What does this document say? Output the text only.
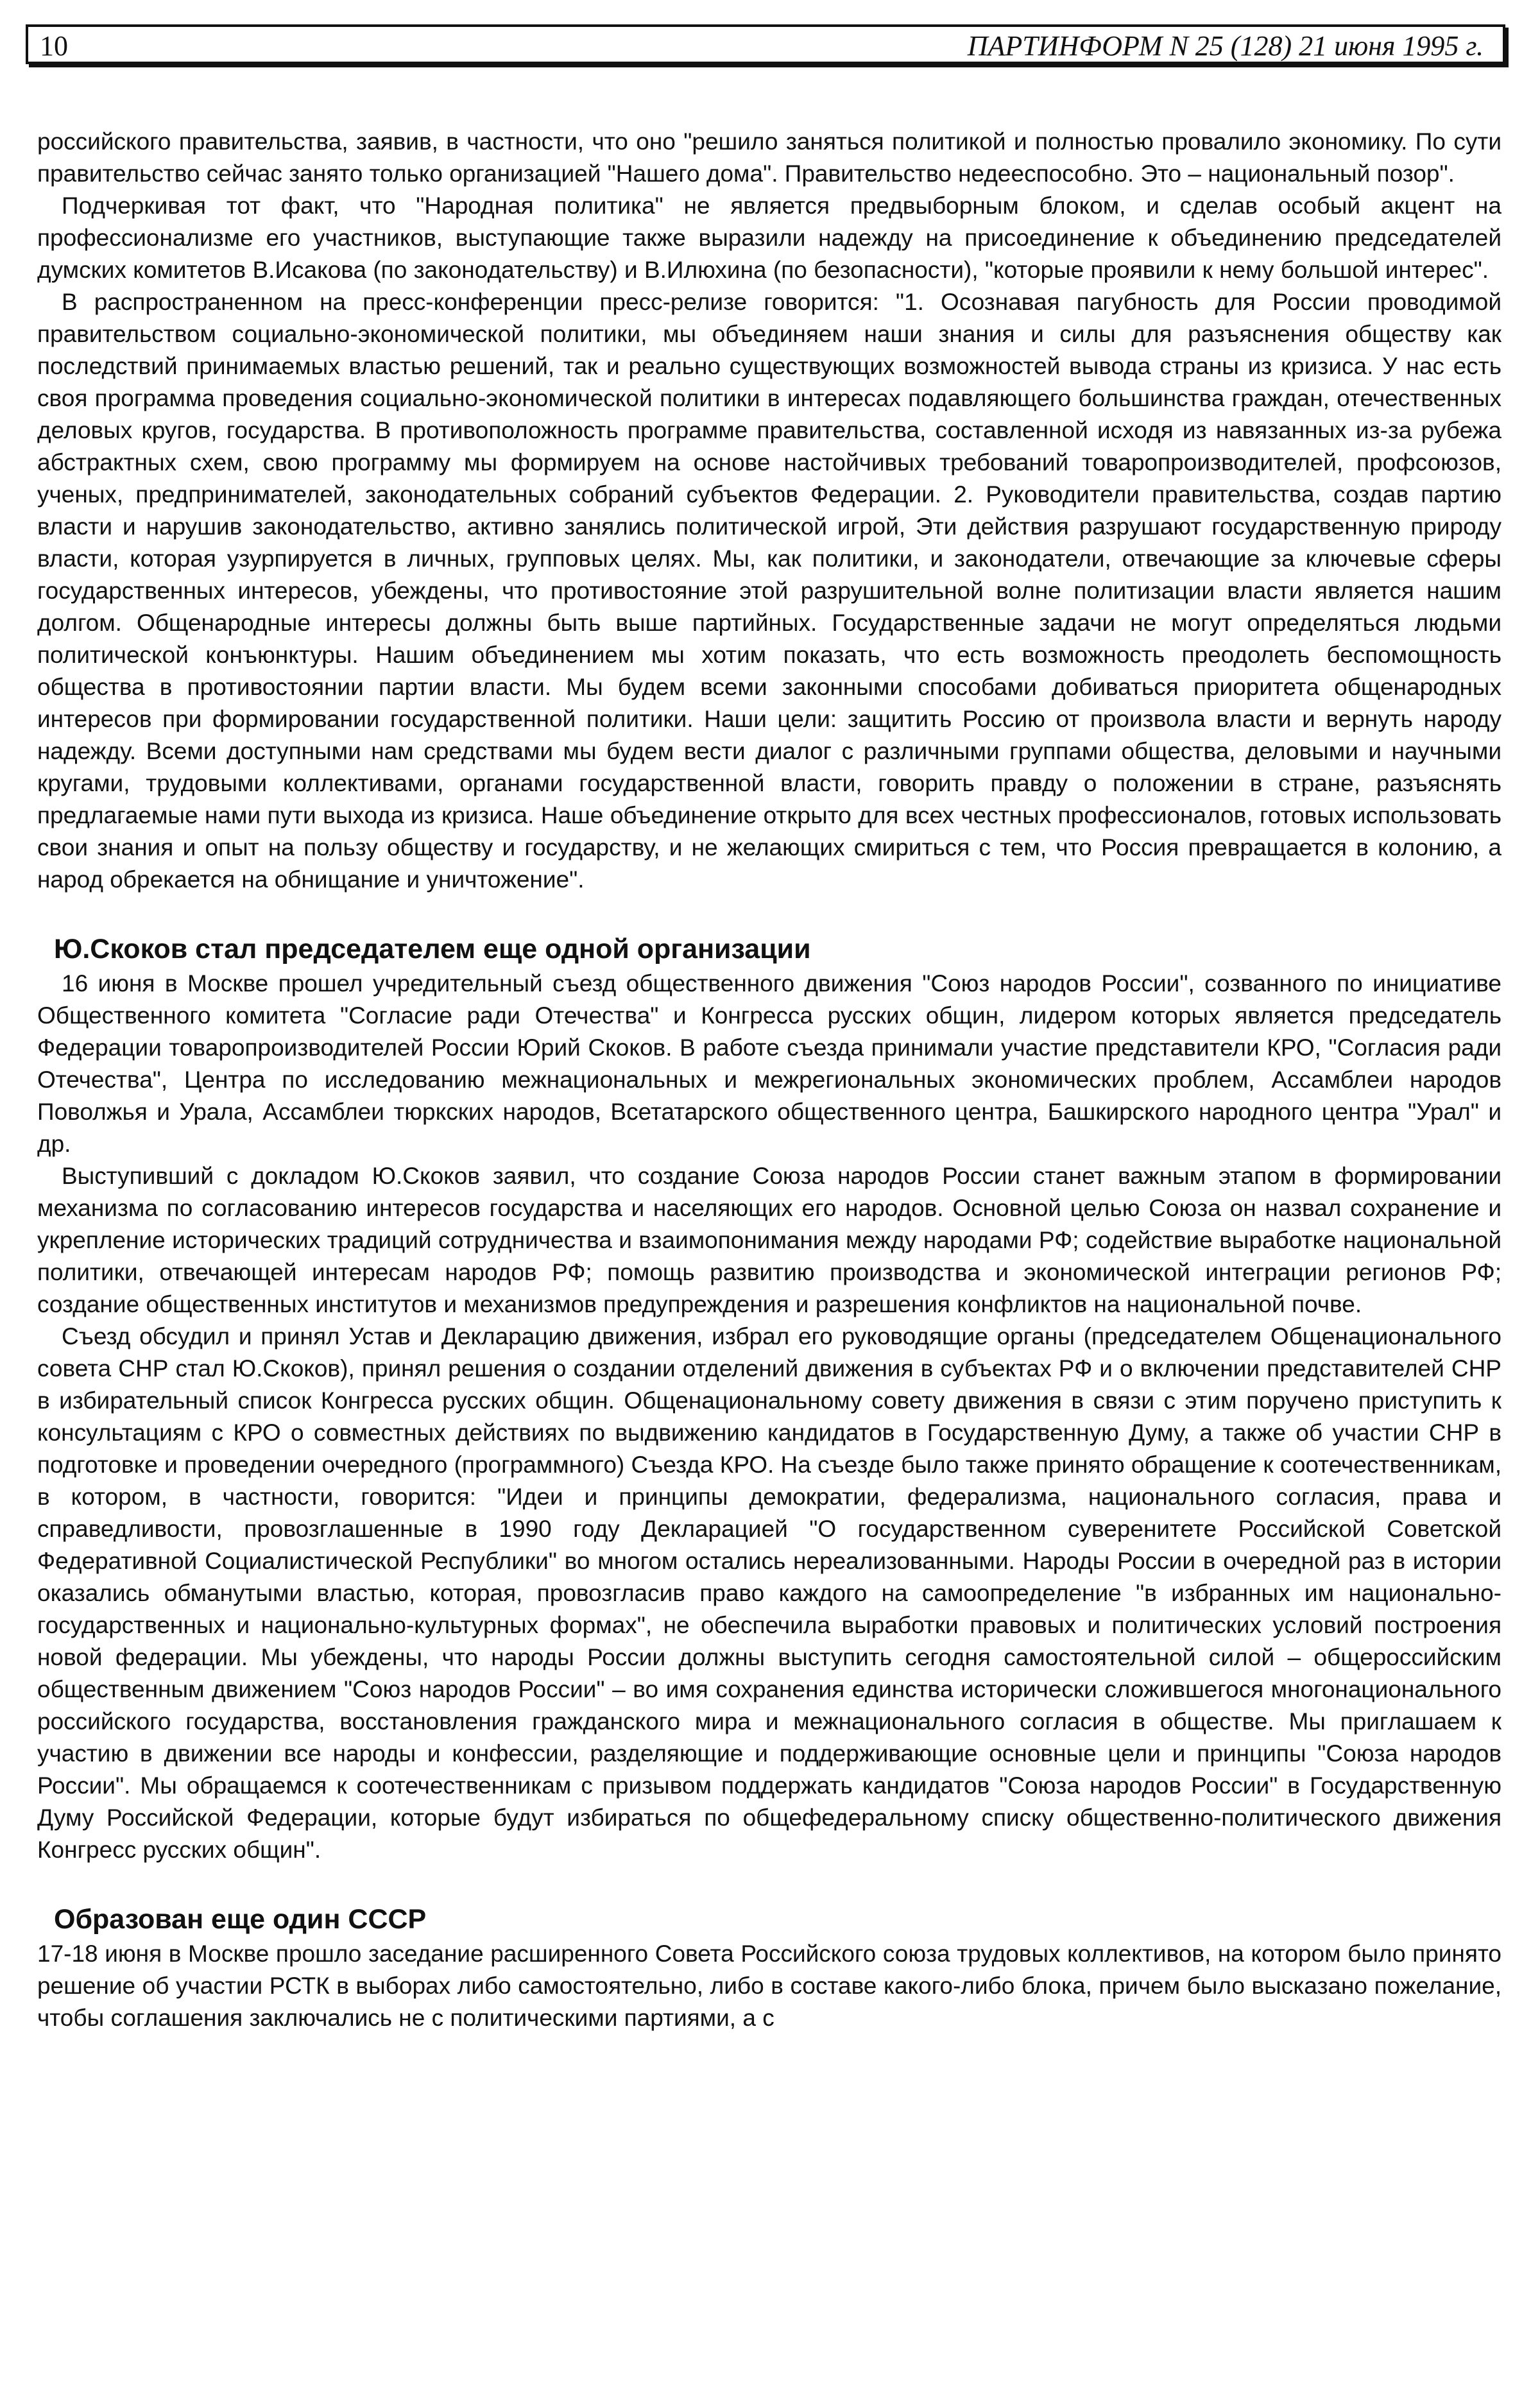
10	ПАРТИНФОРМ N 25 (128) 21 июня 1995 г.

российского правительства, заявив, в частности, что оно "решило заняться политикой и полностью провалило экономику. По сути правительство сейчас занято только организацией "Нашего дома". Правительство недееспособно. Это – национальный позор".

Подчеркивая тот факт, что "Народная политика" не является предвыборным блоком, и сделав особый акцент на профессионализме его участников, выступающие также выразили надежду на присоединение к объединению председателей думских комитетов В.Исакова (по законодательству) и В.Илюхина (по безопасности), "которые проявили к нему большой интерес".

В распространенном на пресс-конференции пресс-релизе говорится: "1. Осознавая пагубность для России проводимой правительством социально-экономической политики, мы объединяем наши знания и силы для разъяснения обществу как последствий принимаемых властью решений, так и реально существующих возможностей вывода страны из кризиса. У нас есть своя программа проведения социально-экономической политики в интересах подавляющего большинства граждан, отечественных деловых кругов, государства. В противоположность программе правительства, составленной исходя из навязанных из-за рубежа абстрактных схем, свою программу мы формируем на основе настойчивых требований товаропроизводителей, профсоюзов, ученых, предпринимателей, законодательных собраний субъектов Федерации. 2. Руководители правительства, создав партию власти и нарушив законодательство, активно занялись политической игрой, Эти действия разрушают государственную природу власти, которая узурпируется в личных, групповых целях. Мы, как политики, и законодатели, отвечающие за ключевые сферы государственных интересов, убеждены, что противостояние этой разрушительной волне политизации власти является нашим долгом. Общенародные интересы должны быть выше партийных. Государственные задачи не могут определяться людьми политической конъюнктуры. Нашим объединением мы хотим показать, что есть возможность преодолеть беспомощность общества в противостоянии партии власти. Мы будем всеми законными способами добиваться приоритета общенародных интересов при формировании государственной политики. Наши цели: защитить Россию от произвола власти и вернуть народу надежду. Всеми доступными нам средствами мы будем вести диалог с различными группами общества, деловыми и научными кругами, трудовыми коллективами, органами государственной власти, говорить правду о положении в стране, разъяснять предлагаемые нами пути выхода из кризиса. Наше объединение открыто для всех честных профессионалов, готовых использовать свои знания и опыт на пользу обществу и государству, и не желающих смириться с тем, что Россия превращается в колонию, а народ обрекается на обнищание и уничтожение".

Ю.Скоков стал председателем еще одной организации

16 июня в Москве прошел учредительный съезд общественного движения "Союз народов России", созванного по инициативе Общественного комитета "Согласие ради Отечества" и Конгресса русских общин, лидером которых является председатель Федерации товаропроизводителей России Юрий Скоков. В работе съезда принимали участие представители КРО, "Согласия ради Отечества", Центра по исследованию межнациональных и межрегиональных экономических проблем, Ассамблеи народов Поволжья и Урала, Ассамблеи тюркских народов, Всетатарского общественного центра, Башкирского народного центра "Урал" и др.

Выступивший с докладом Ю.Скоков заявил, что создание Союза народов России станет важным этапом в формировании механизма по согласованию интересов государства и населяющих его народов. Основной целью Союза он назвал сохранение и укрепление исторических традиций сотрудничества и взаимопонимания между народами РФ; содействие выработке национальной политики, отвечающей интересам народов РФ; помощь развитию производства и экономической интеграции регионов РФ; создание общественных институтов и механизмов предупреждения и разрешения конфликтов на национальной почве.

Съезд обсудил и принял Устав и Декларацию движения, избрал его руководящие органы (председателем Общенационального совета СНР стал Ю.Скоков), принял решения о создании отделений движения в субъектах РФ и о включении представителей СНР в избирательный список Конгресса русских общин. Общенациональному совету движения в связи с этим поручено приступить к консультациям с КРО о совместных действиях по выдвижению кандидатов в Государственную Думу, а также об участии СНР в подготовке и проведении очередного (программного) Съезда КРО. На съезде было также принято обращение к соотечественникам, в котором, в частности, говорится: "Идеи и принципы демократии, федерализма, национального согласия, права и справедливости, провозглашенные в 1990 году Декларацией "О государственном суверенитете Российской Советской Федеративной Социалистической Республики" во многом остались нереализованными. Народы России в очередной раз в истории оказались обманутыми властью, которая, провозгласив право каждого на самоопределение "в избранных им национально-государственных и национально-культурных формах", не обеспечила выработки правовых и политических условий построения новой федерации. Мы убеждены, что народы России должны выступить сегодня самостоятельной силой – общероссийским общественным движением "Союз народов России" – во имя сохранения единства исторически сложившегося многонационального российского государства, восстановления гражданского мира и межнационального согласия в обществе. Мы приглашаем к участию в движении все народы и конфессии, разделяющие и поддерживающие основные цели и принципы "Союза народов России". Мы обращаемся к соотечественникам с призывом поддержать кандидатов "Союза народов России" в Государственную Думу Российской Федерации, которые будут избираться по общефедеральному списку общественно-политического движения Конгресс русских общин".

Образован еще один СССР

17-18 июня в Москве прошло заседание расширенного Совета Российского союза трудовых коллективов, на котором было принято решение об участии РСТК в выборах либо самостоятельно, либо в составе какого-либо блока, причем было высказано пожелание, чтобы соглашения заключались не с политическими партиями, а с
